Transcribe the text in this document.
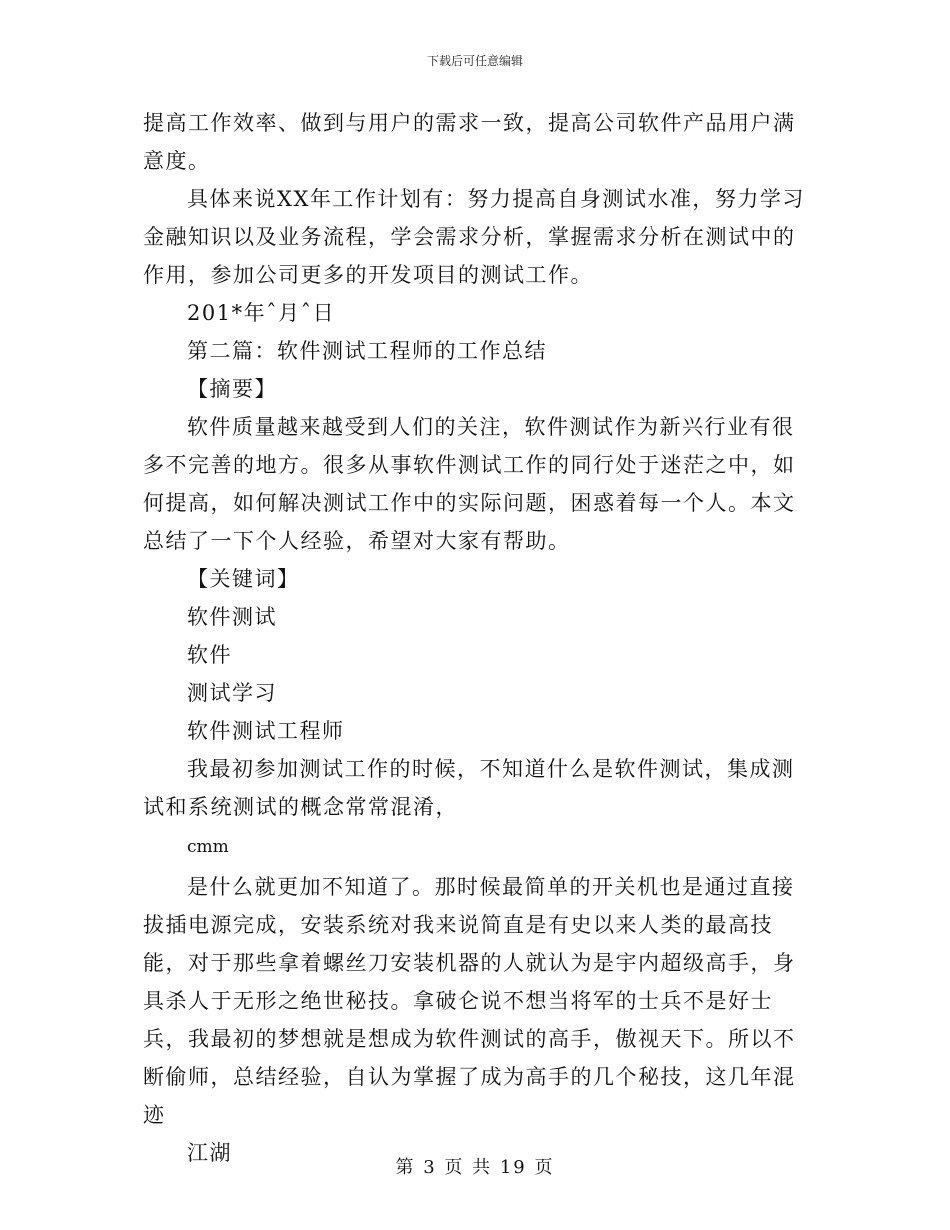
下载后可任意编辑

提高工作效率、做到与用户的需求一致，提高公司软件产品用户满意度。

具体来说XX年工作计划有：努力提高自身测试水准，努力学习金融知识以及业务流程，学会需求分析，掌握需求分析在测试中的作用，参加公司更多的开发项目的测试工作。

201*年ˆ月ˆ日

第二篇：软件测试工程师的工作总结

【摘要】

软件质量越来越受到人们的关注，软件测试作为新兴行业有很多不完善的地方。很多从事软件测试工作的同行处于迷茫之中，如何提高，如何解决测试工作中的实际问题，困惑着每一个人。本文总结了一下个人经验，希望对大家有帮助。

【关键词】

软件测试

软件

测试学习

软件测试工程师

我最初参加测试工作的时候，不知道什么是软件测试，集成测试和系统测试的概念常常混淆，

cmm

是什么就更加不知道了。那时候最简单的开关机也是通过直接拔插电源完成，安装系统对我来说简直是有史以来人类的最高技能，对于那些拿着螺丝刀安装机器的人就认为是宇内超级高手，身具杀人于无形之绝世秘技。拿破仑说不想当将军的士兵不是好士兵，我最初的梦想就是想成为软件测试的高手，傲视天下。所以不断偷师，总结经验，自认为掌握了成为高手的几个秘技，这几年混迹

江湖

第 3 页 共 19 页
